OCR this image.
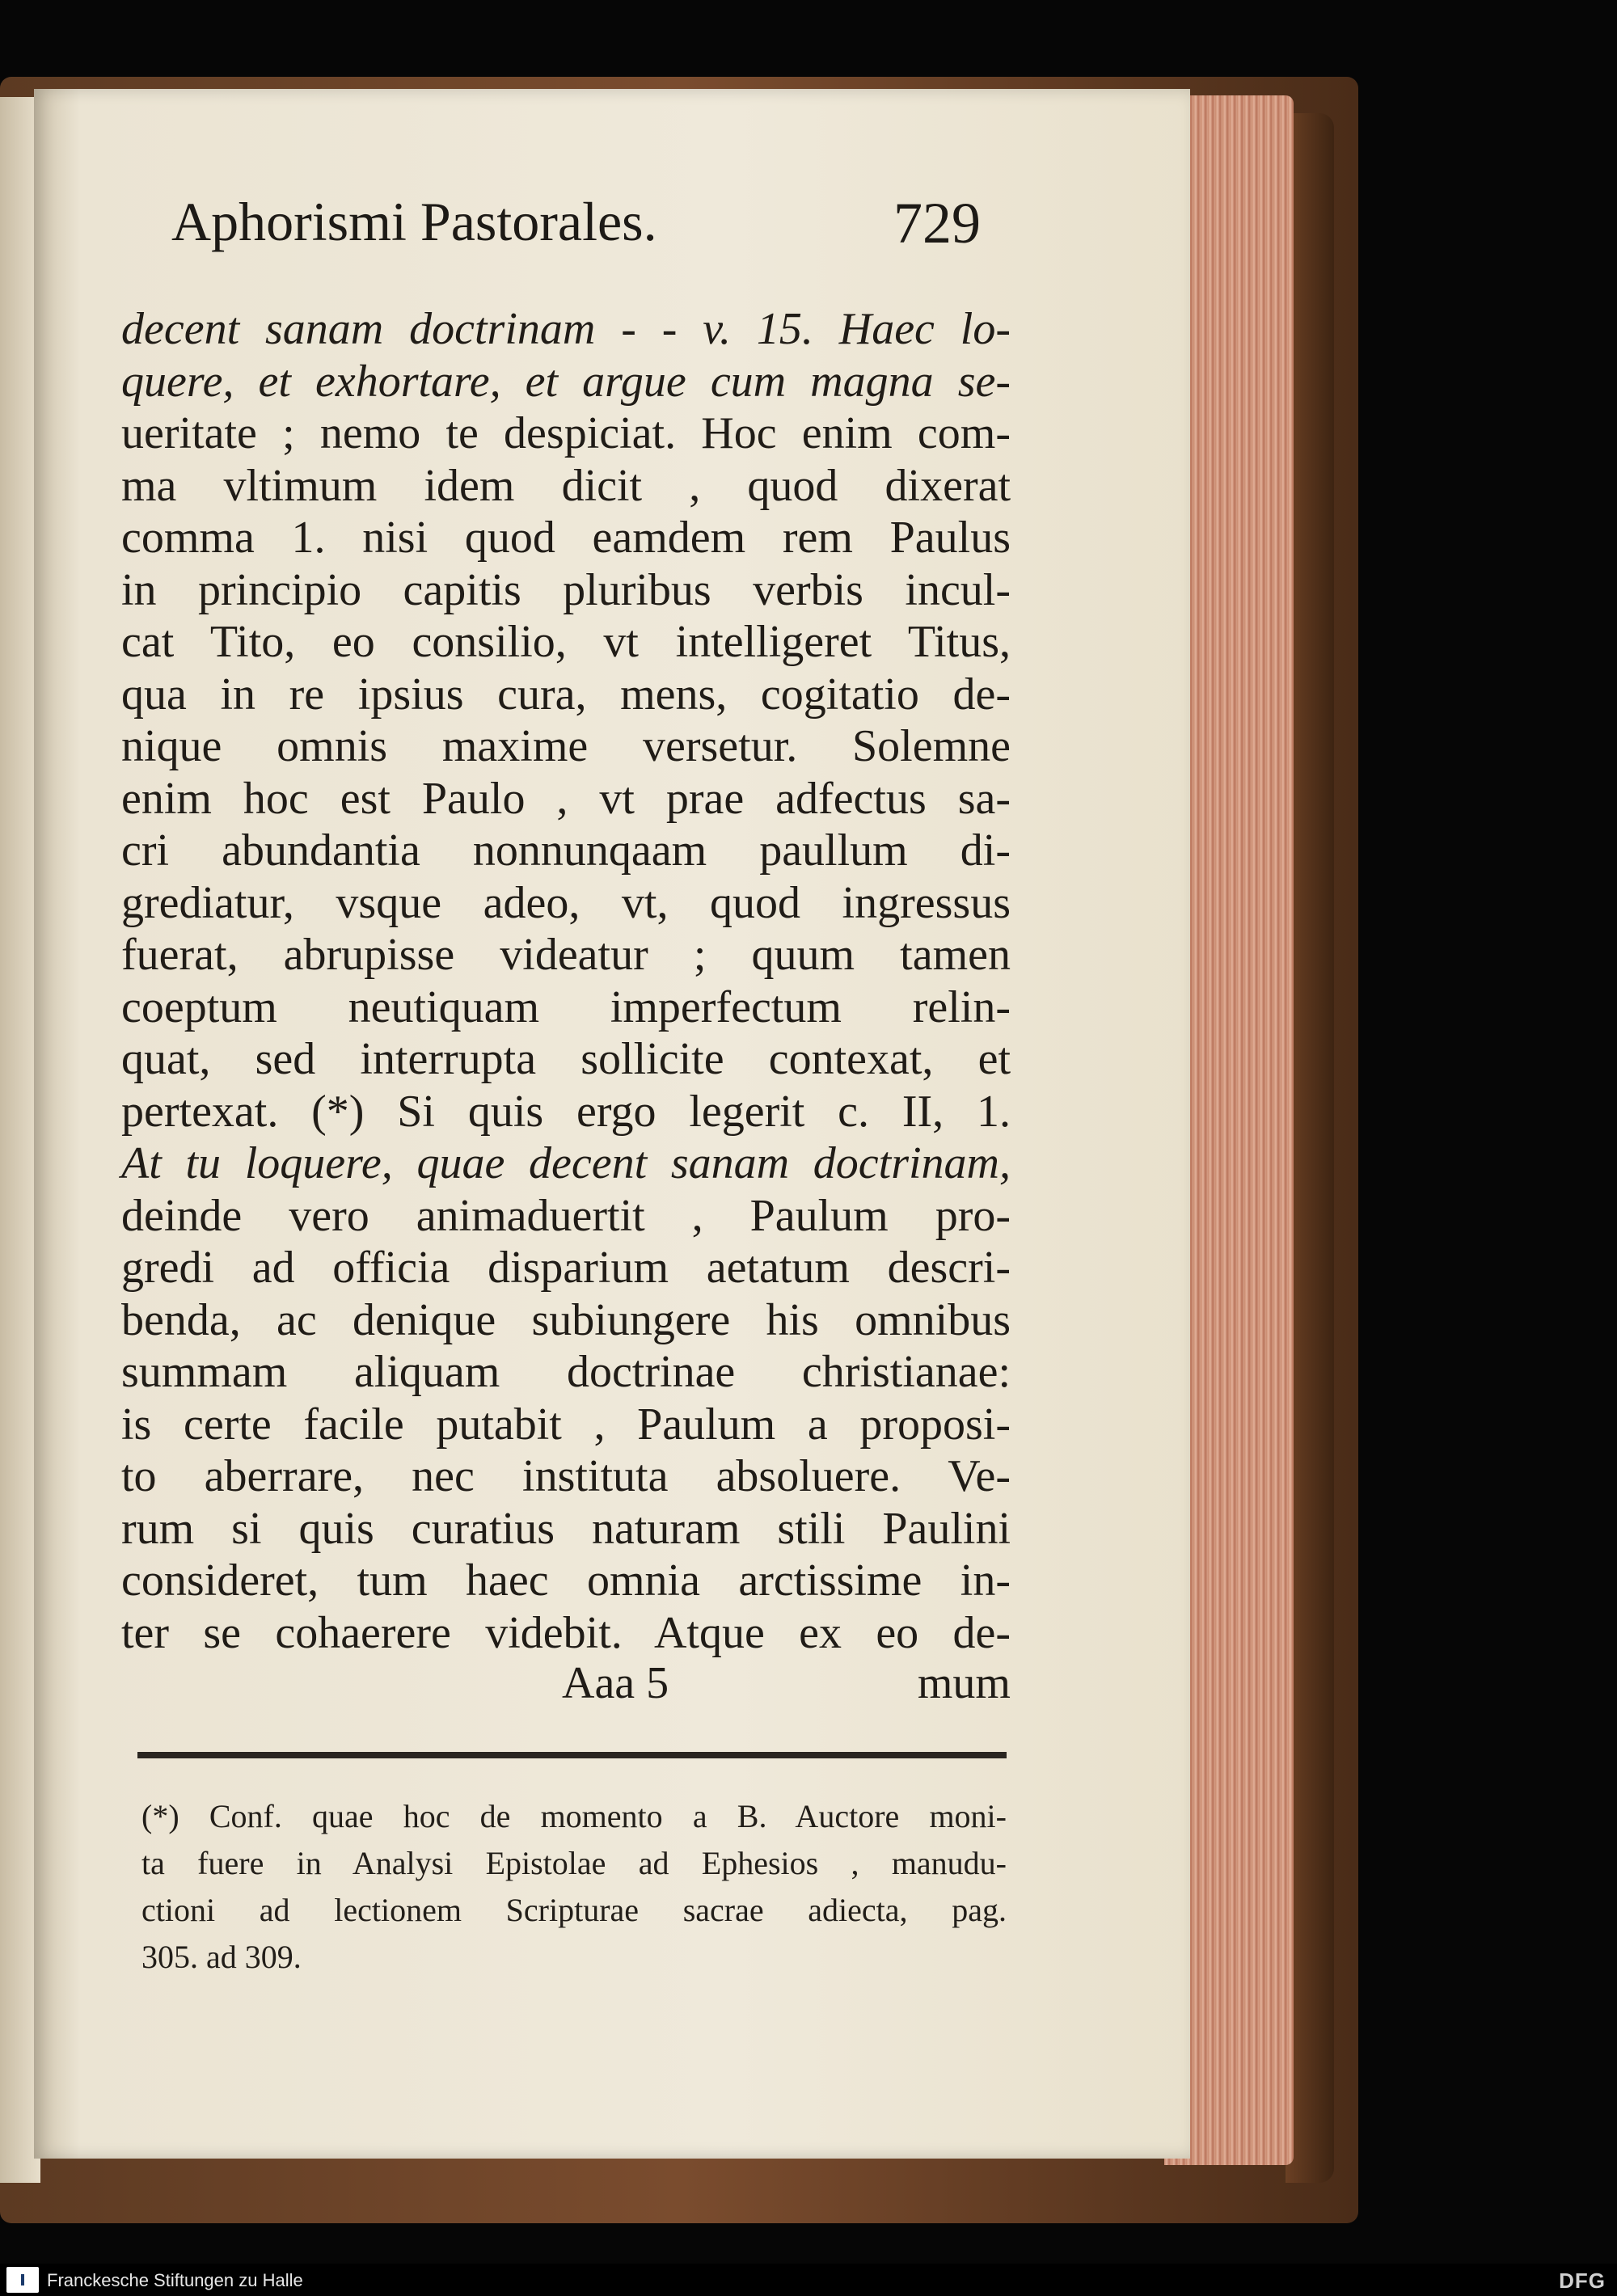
Aphorismi Pastorales.	729
decent sanam doctrinam - - v. 15. Haec lo-
quere, et exhortare, et argue cum magna se-
ueritate ; nemo te despiciat. Hoc enim com-
ma vltimum idem dicit , quod dixerat
comma 1. nisi quod eamdem rem Paulus
in principio capitis pluribus verbis incul-
cat Tito, eo consilio, vt intelligeret Titus,
qua in re ipsius cura, mens, cogitatio de-
nique omnis maxime versetur. Solemne
enim hoc est Paulo , vt prae adfectus sa-
cri abundantia nonnunqaam paullum di-
grediatur, vsque adeo, vt, quod ingressus
fuerat, abrupisse videatur ; quum tamen
coeptum neutiquam imperfectum relin-
quat, sed interrupta sollicite contexat, et
pertexat. (*) Si quis ergo legerit c. II, 1.
At tu loquere, quae decent sanam doctrinam,
deinde vero animaduertit , Paulum pro-
gredi ad officia disparium aetatum descri-
benda, ac denique subiungere his omnibus
summam aliquam doctrinae christianae:
is certe facile putabit , Paulum a proposi-
to aberrare, nec instituta absoluere. Ve-
rum si quis curatius naturam stili Paulini
consideret, tum haec omnia arctissime in-
ter se cohaerere videbit. Atque ex eo de-
Aaa 5	mum
(*) Conf. quae hoc de momento a B. Auctore moni-
ta fuere in Analysi Epistolae ad Ephesios , manudu-
ctioni ad lectionem Scripturae sacrae adiecta, pag.
305. ad 309.
Franckesche Stiftungen zu Halle	DFG
